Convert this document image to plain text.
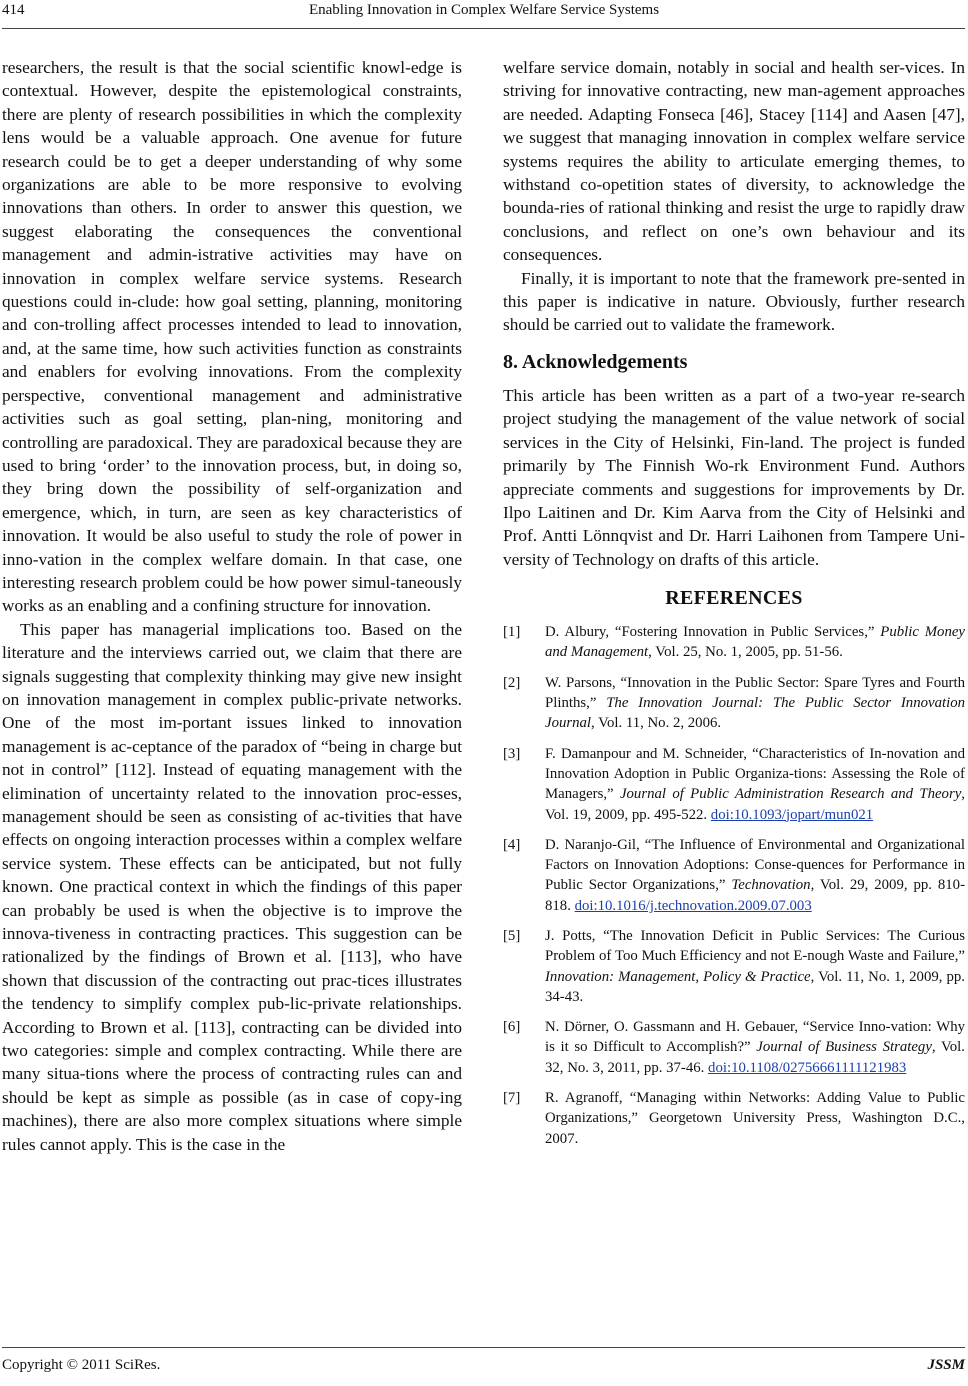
414	Enabling Innovation in Complex Welfare Service Systems

researchers, the result is that the social scientific knowl-edge is contextual. However, despite the epistemological constraints, there are plenty of research possibilities in which the complexity lens would be a valuable approach. One avenue for future research could be to get a deeper understanding of why some organizations are able to be more responsive to evolving innovations than others. In order to answer this question, we suggest elaborating the consequences the conventional management and admin-istrative activities may have on innovation in complex welfare service systems. Research questions could in-clude: how goal setting, planning, monitoring and con-trolling affect processes intended to lead to innovation, and, at the same time, how such activities function as constraints and enablers for evolving innovations. From the complexity perspective, conventional management and administrative activities such as goal setting, plan-ning, monitoring and controlling are paradoxical. They are paradoxical because they are used to bring ‘order’ to the innovation process, but, in doing so, they bring down the possibility of self-organization and emergence, which, in turn, are seen as key characteristics of innovation. It would be also useful to study the role of power in inno-vation in the complex welfare domain. In that case, one interesting research problem could be how power simul-taneously works as an enabling and a confining structure for innovation.

This paper has managerial implications too. Based on the literature and the interviews carried out, we claim that there are signals suggesting that complexity thinking may give new insight on innovation management in complex public-private networks. One of the most im-portant issues linked to innovation management is ac-ceptance of the paradox of “being in charge but not in control” [112]. Instead of equating management with the elimination of uncertainty related to the innovation proc-esses, management should be seen as consisting of ac-tivities that have effects on ongoing interaction processes within a complex welfare service system. These effects can be anticipated, but not fully known. One practical context in which the findings of this paper can probably be used is when the objective is to improve the innova-tiveness in contracting practices. This suggestion can be rationalized by the findings of Brown et al. [113], who have shown that discussion of the contracting out prac-tices illustrates the tendency to simplify complex pub-lic-private relationships. According to Brown et al. [113], contracting can be divided into two categories: simple and complex contracting. While there are many situa-tions where the process of contracting rules can and should be kept as simple as possible (as in case of copy-ing machines), there are also more complex situations where simple rules cannot apply. This is the case in the

welfare service domain, notably in social and health ser-vices. In striving for innovative contracting, new man-agement approaches are needed. Adapting Fonseca [46], Stacey [114] and Aasen [47], we suggest that managing innovation in complex welfare service systems requires the ability to articulate emerging themes, to withstand co-opetition states of diversity, to acknowledge the bounda-ries of rational thinking and resist the urge to rapidly draw conclusions, and reflect on one’s own behaviour and its consequences.

Finally, it is important to note that the framework pre-sented in this paper is indicative in nature. Obviously, further research should be carried out to validate the framework.

8. Acknowledgements

This article has been written as a part of a two-year re-search project studying the management of the value network of social services in the City of Helsinki, Fin-land. The project is funded primarily by The Finnish Wo-rk Environment Fund. Authors appreciate comments and suggestions for improvements by Dr. Ilpo Laitinen and Dr. Kim Aarva from the City of Helsinki and Prof. Antti Lönnqvist and Dr. Harri Laihonen from Tampere Uni-versity of Technology on drafts of this article.

REFERENCES
[1] D. Albury, “Fostering Innovation in Public Services,” Public Money and Management, Vol. 25, No. 1, 2005, pp. 51-56.
[2] W. Parsons, “Innovation in the Public Sector: Spare Tyres and Fourth Plinths,” The Innovation Journal: The Public Sector Innovation Journal, Vol. 11, No. 2, 2006.
[3] F. Damanpour and M. Schneider, “Characteristics of In-novation and Innovation Adoption in Public Organiza-tions: Assessing the Role of Managers,” Journal of Public Administration Research and Theory, Vol. 19, 2009, pp. 495-522. doi:10.1093/jopart/mun021
[4] D. Naranjo-Gil, “The Influence of Environmental and Organizational Factors on Innovation Adoptions: Conse-quences for Performance in Public Sector Organizations,” Technovation, Vol. 29, 2009, pp. 810-818. doi:10.1016/j.technovation.2009.07.003
[5] J. Potts, “The Innovation Deficit in Public Services: The Curious Problem of Too Much Efficiency and not E-nough Waste and Failure,” Innovation: Management, Policy & Practice, Vol. 11, No. 1, 2009, pp. 34-43.
[6] N. Dörner, O. Gassmann and H. Gebauer, “Service Inno-vation: Why is it so Difficult to Accomplish?” Journal of Business Strategy, Vol. 32, No. 3, 2011, pp. 37-46. doi:10.1108/02756661111121983
[7] R. Agranoff, “Managing within Networks: Adding Value to Public Organizations,” Georgetown University Press, Washington D.C., 2007.
Copyright © 2011 SciRes.	JSSM
